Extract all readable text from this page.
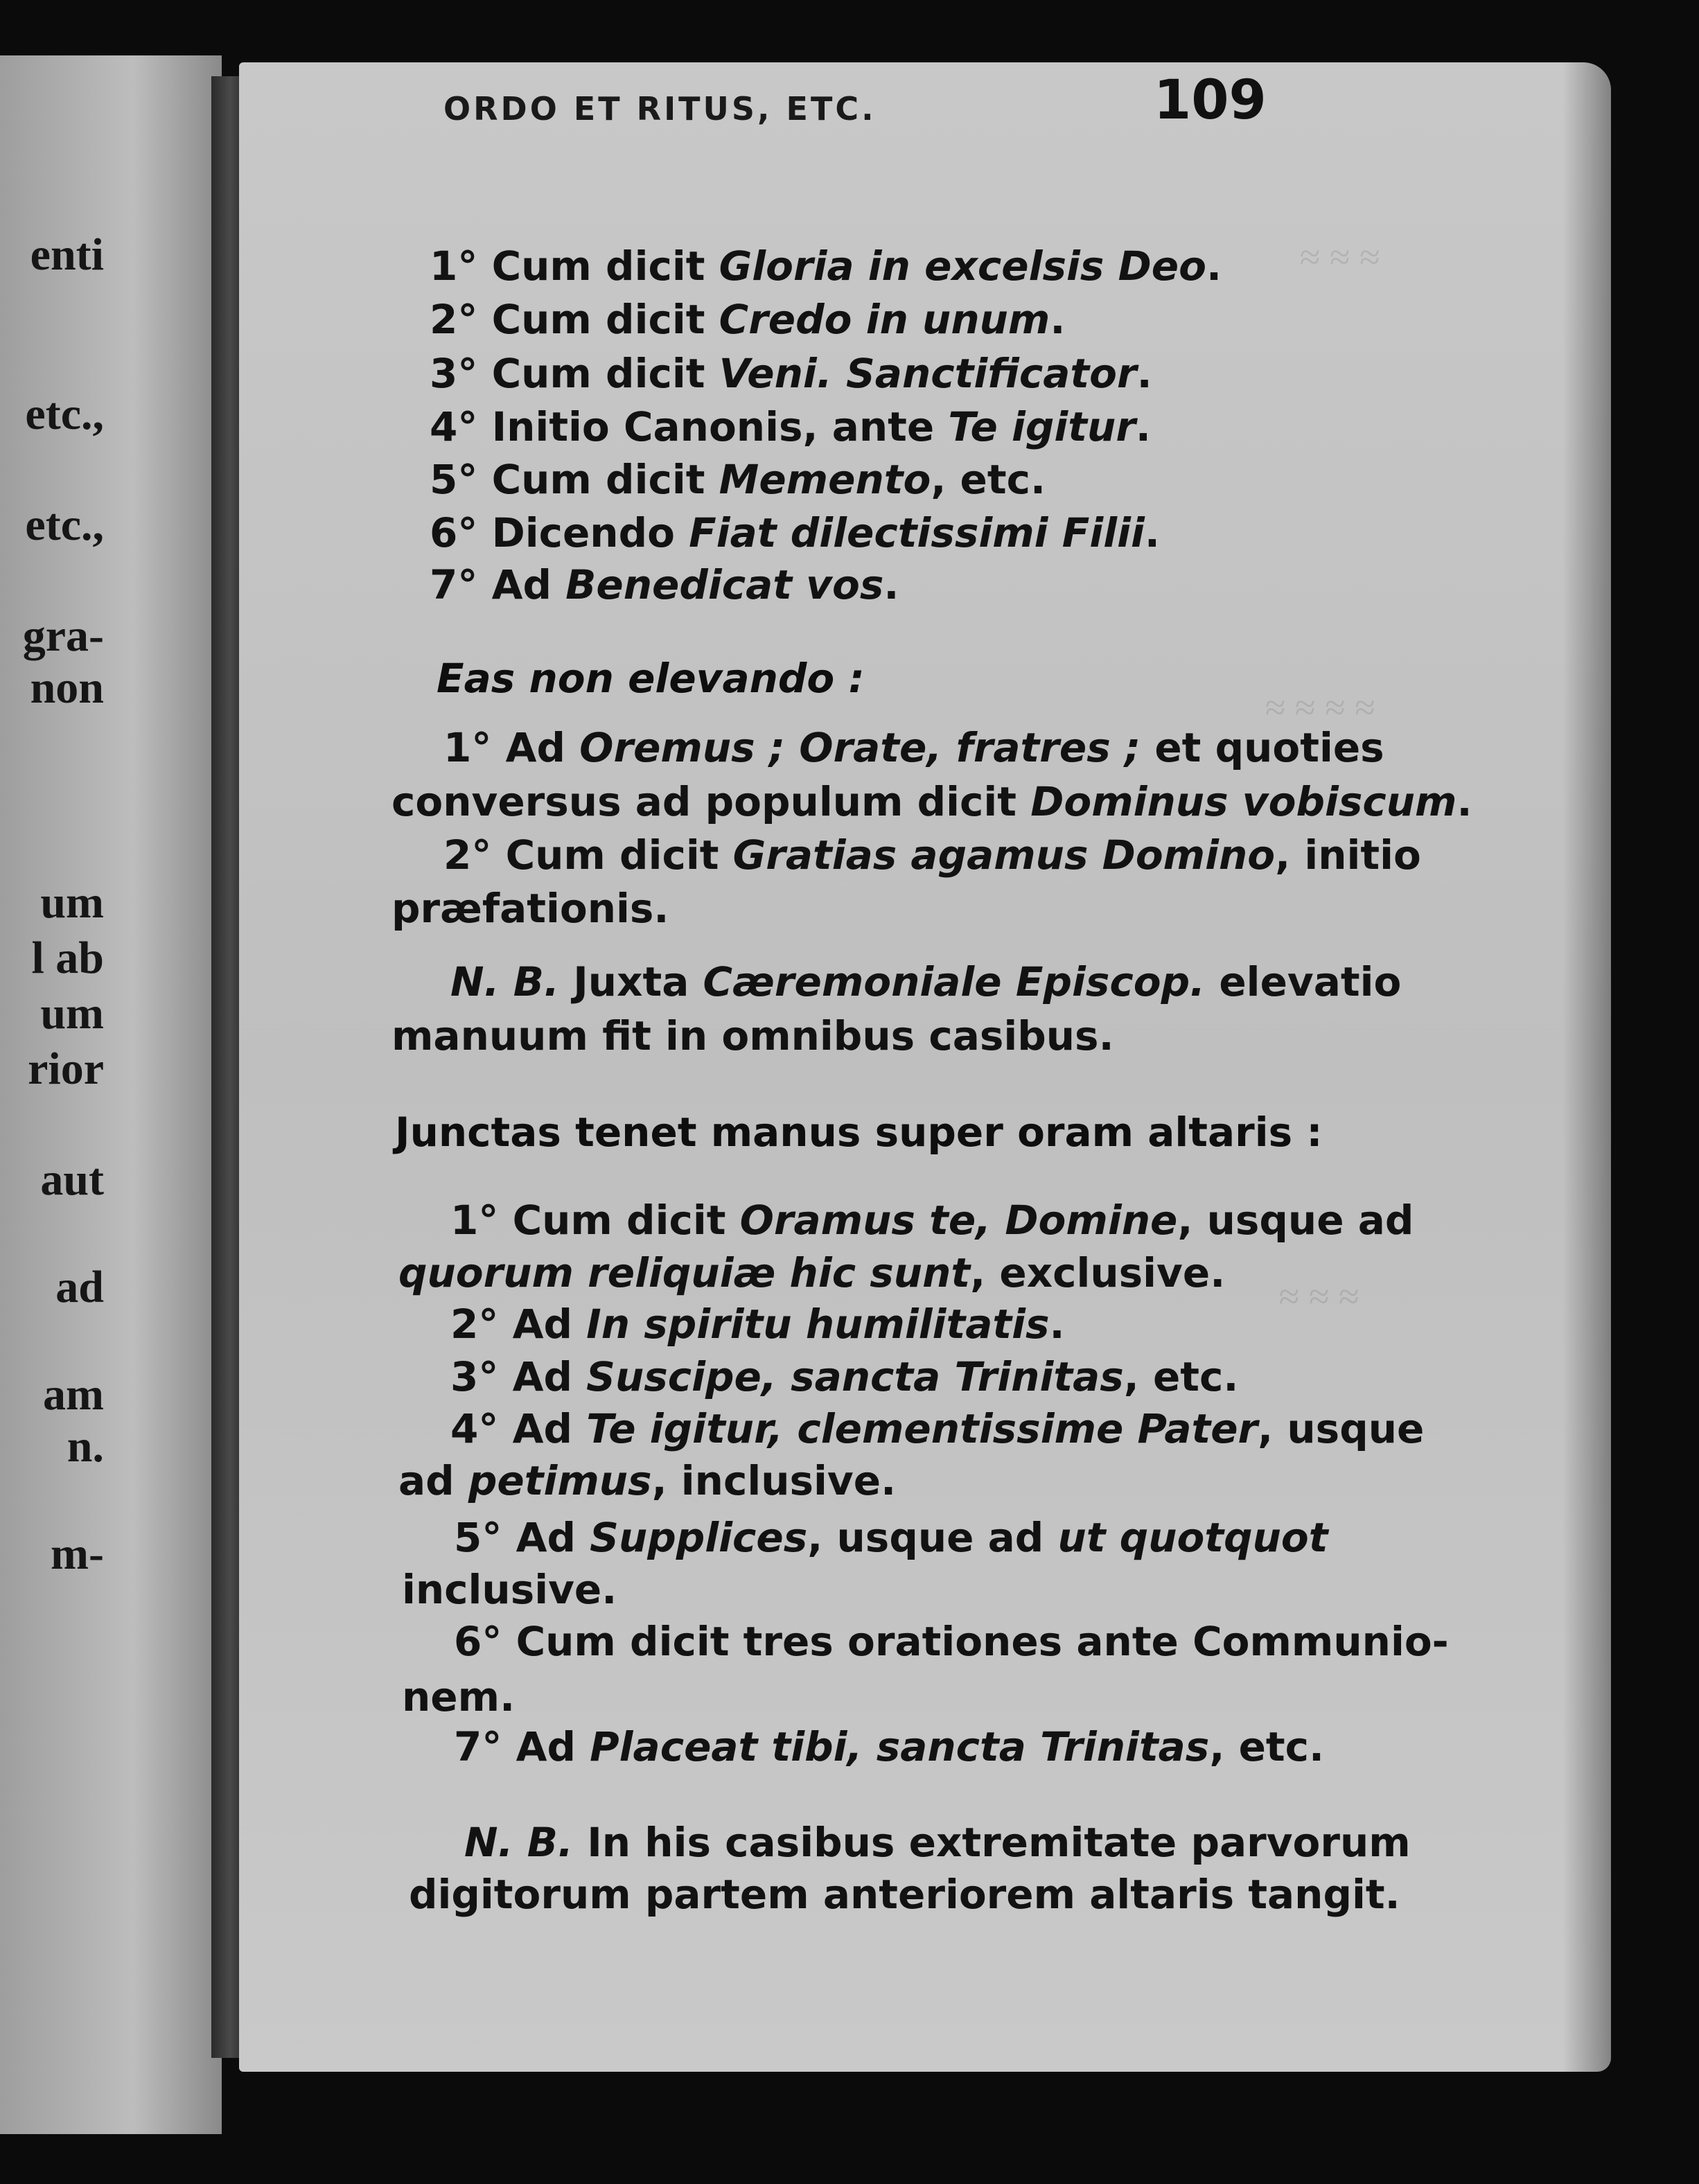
enti
etc.,
etc.,
gra-
non
um
l ab
um
rior
aut
ad
am
n.
m-
≈ ≈ ≈
≈ ≈ ≈ ≈
≈ ≈ ≈
ORDO ET RITUS, ETC.	109
1° Cum dicit Gloria in excelsis Deo.
2° Cum dicit Credo in unum.
3° Cum dicit Veni. Sanctificator.
4° Initio Canonis, ante Te igitur.
5° Cum dicit Memento, etc.
6° Dicendo Fiat dilectissimi Filii.
7° Ad Benedicat vos.
Eas non elevando :
1° Ad Oremus ; Orate, fratres ; et quoties
conversus ad populum dicit Dominus vobiscum.
2° Cum dicit Gratias agamus Domino, initio
præfationis.
N. B. Juxta Cæremoniale Episcop. elevatio
manuum fit in omnibus casibus.
Junctas tenet manus super oram altaris :
1° Cum dicit Oramus te, Domine, usque ad
quorum reliquiæ hic sunt, exclusive.
2° Ad In spiritu humilitatis.
3° Ad Suscipe, sancta Trinitas, etc.
4° Ad Te igitur, clementissime Pater, usque
ad petimus, inclusive.
5° Ad Supplices, usque ad ut quotquot
inclusive.
6° Cum dicit tres orationes ante Communio-
nem.
7° Ad Placeat tibi, sancta Trinitas, etc.
N. B. In his casibus extremitate parvorum
digitorum partem anteriorem altaris tangit.
